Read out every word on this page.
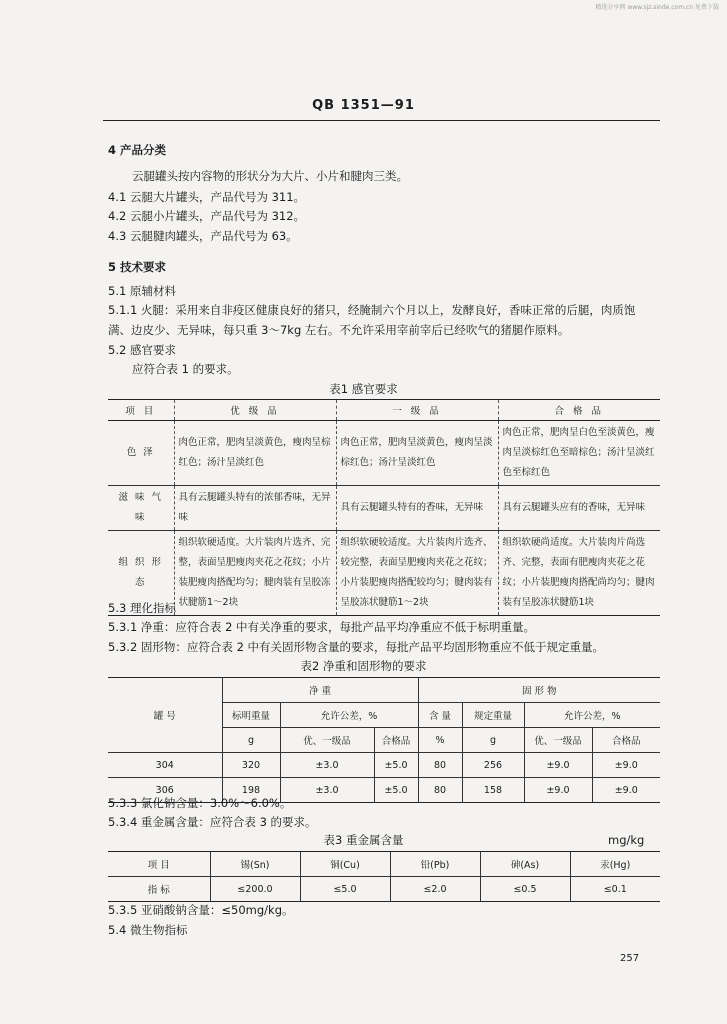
精选分享网 www.sjz.sinde.com.cn 免费下载
QB 1351—91
4 产品分类
云腿罐头按内容物的形状分为大片、小片和腱肉三类。
4.1 云腿大片罐头，产品代号为 311。
4.2 云腿小片罐头，产品代号为 312。
4.3 云腿腱肉罐头，产品代号为 63。
5 技术要求
5.1 原辅材料
5.1.1 火腿：采用来自非疫区健康良好的猪只，经腌制六个月以上，发酵良好，香味正常的后腿，肉质饱
满、边皮少、无异味，每只重 3～7kg 左右。不允许采用宰前宰后已经吹气的猪腿作原料。
5.2 感官要求
应符合表 1 的要求。
表1 感官要求
项 目	优 级 品	一 级 品	合 格 品
色 泽	肉色正常，肥肉呈淡黄色，瘦肉呈棕红色；汤汁呈淡红色	肉色正常，肥肉呈淡黄色，瘦肉呈淡棕红色；汤汁呈淡红色	肉色正常，肥肉呈白色至淡黄色，瘦肉呈淡棕红色至暗棕色；汤汁呈淡红色至棕红色
滋 味 气 味	具有云腿罐头特有的浓郁香味，无异味	具有云腿罐头特有的香味，无异味	具有云腿罐头应有的香味，无异味
组 织 形 态	组织软硬适度。大片装肉片选齐、完整，表面呈肥瘦肉夹花之花纹；小片装肥瘦肉搭配均匀；腱肉装有呈胶冻状腱筋1～2块	组织软硬较适度。大片装肉片选齐、较完整，表面呈肥瘦肉夹花之花纹；小片装肥瘦肉搭配较均匀；腱肉装有呈胶冻状腱筋1～2块	组织软硬尚适度。大片装肉片尚选齐、完整，表面有肥瘦肉夹花之花纹；小片装肥瘦肉搭配尚均匀；腱肉装有呈胶冻状腱筋1块
5.3 理化指标
5.3.1 净重：应符合表 2 中有关净重的要求，每批产品平均净重应不低于标明重量。
5.3.2 固形物：应符合表 2 中有关固形物含量的要求，每批产品平均固形物重应不低于规定重量。
表2 净重和固形物的要求
罐 号	净 重			固 形 物			
	标明重量	允许公差，%		含 量	规定重量	允许公差，%	
	g	优、一级品	合格品	%	g	优、一级品	合格品
304	320	±3.0	±5.0	80	256	±9.0	±9.0
306	198	±3.0	±5.0	80	158	±9.0	±9.0
5.3.3 氯化钠含量：3.0%～6.0%。
5.3.4 重金属含量：应符合表 3 的要求。
表3 重金属含量	mg/kg
项 目	锡(Sn)	铜(Cu)	铅(Pb)	砷(As)	汞(Hg)
指 标	≤200.0	≤5.0	≤2.0	≤0.5	≤0.1
5.3.5 亚硝酸钠含量：≤50mg/kg。
5.4 微生物指标
257
